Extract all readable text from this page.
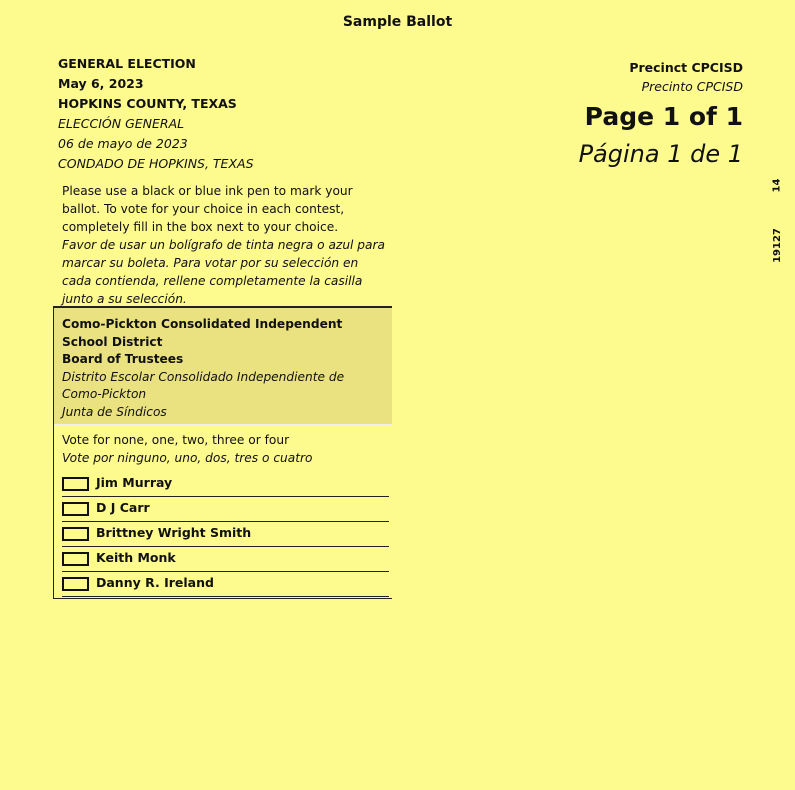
Sample Ballot
GENERAL ELECTION
May 6, 2023
HOPKINS COUNTY, TEXAS
ELECCIÓN GENERAL
06 de mayo de 2023
CONDADO DE HOPKINS, TEXAS
Precinct CPCISD
Precinto CPCISD
Page 1 of 1
Página 1 de 1
14
19127
Please use a black or blue ink pen to mark your ballot. To vote for your choice in each contest, completely fill in the box next to your choice.
Favor de usar un bolígrafo de tinta negra o azul para marcar su boleta. Para votar por su selección en cada contienda, rellene completamente la casilla junto a su selección.
Como-Pickton Consolidated Independent School District
Board of Trustees
Distrito Escolar Consolidado Independiente de Como-Pickton
Junta de Síndicos
Vote for none, one, two, three or four
Vote por ninguno, uno, dos, tres o cuatro
Jim Murray
D J Carr
Brittney Wright Smith
Keith Monk
Danny R. Ireland
